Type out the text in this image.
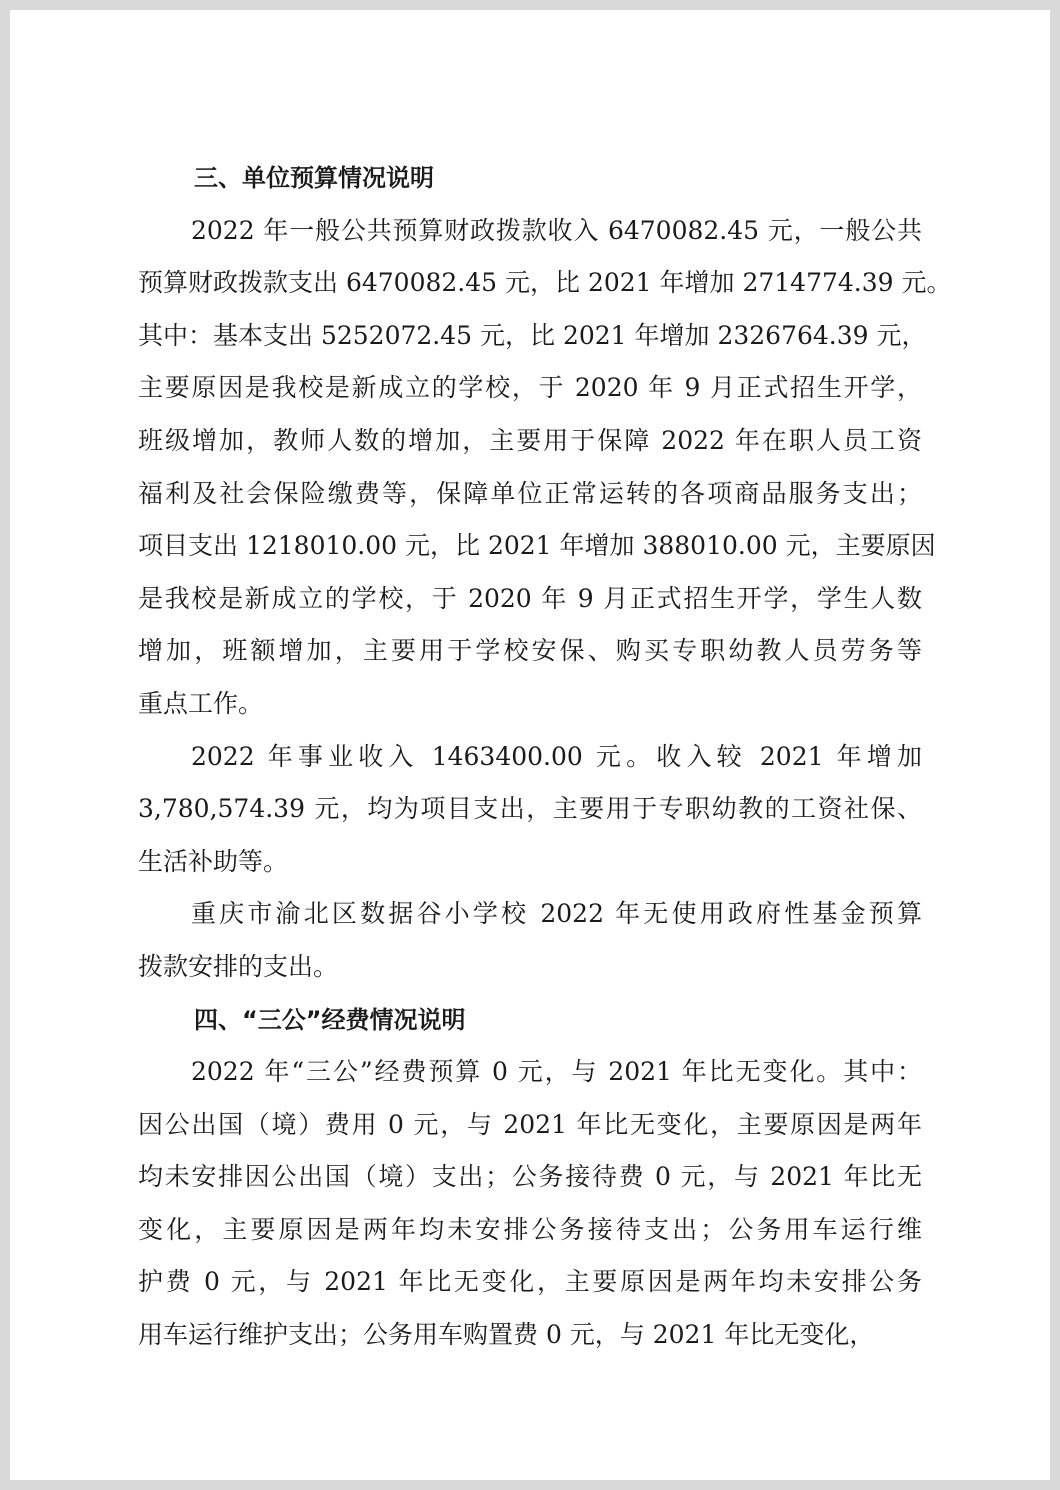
三、单位预算情况说明

2022 年一般公共预算财政拨款收入 6470082.45 元，一般公共
预算财政拨款支出 6470082.45 元，比 2021 年增加 2714774.39 元。
其中：基本支出 5252072.45 元，比 2021 年增加 2326764.39 元，
主要原因是我校是新成立的学校，于 2020 年 9 月正式招生开学，
班级增加，教师人数的增加，主要用于保障 2022 年在职人员工资
福利及社会保险缴费等，保障单位正常运转的各项商品服务支出；
项目支出 1218010.00 元，比 2021 年增加 388010.00 元，主要原因
是我校是新成立的学校，于 2020 年 9 月正式招生开学，学生人数
增加，班额增加，主要用于学校安保、购买专职幼教人员劳务等
重点工作。

2022 年事业收入 1463400.00 元。收入较 2021 年增加
3,780,574.39 元，均为项目支出，主要用于专职幼教的工资社保、
生活补助等。

重庆市渝北区数据谷小学校 2022 年无使用政府性基金预算
拨款安排的支出。

四、“三公”经费情况说明

2022 年“三公”经费预算 0 元，与 2021 年比无变化。其中：
因公出国（境）费用 0 元，与 2021 年比无变化，主要原因是两年
均未安排因公出国（境）支出；公务接待费 0 元，与 2021 年比无
变化，主要原因是两年均未安排公务接待支出；公务用车运行维
护费 0 元，与 2021 年比无变化，主要原因是两年均未安排公务
用车运行维护支出；公务用车购置费 0 元，与 2021 年比无变化，
